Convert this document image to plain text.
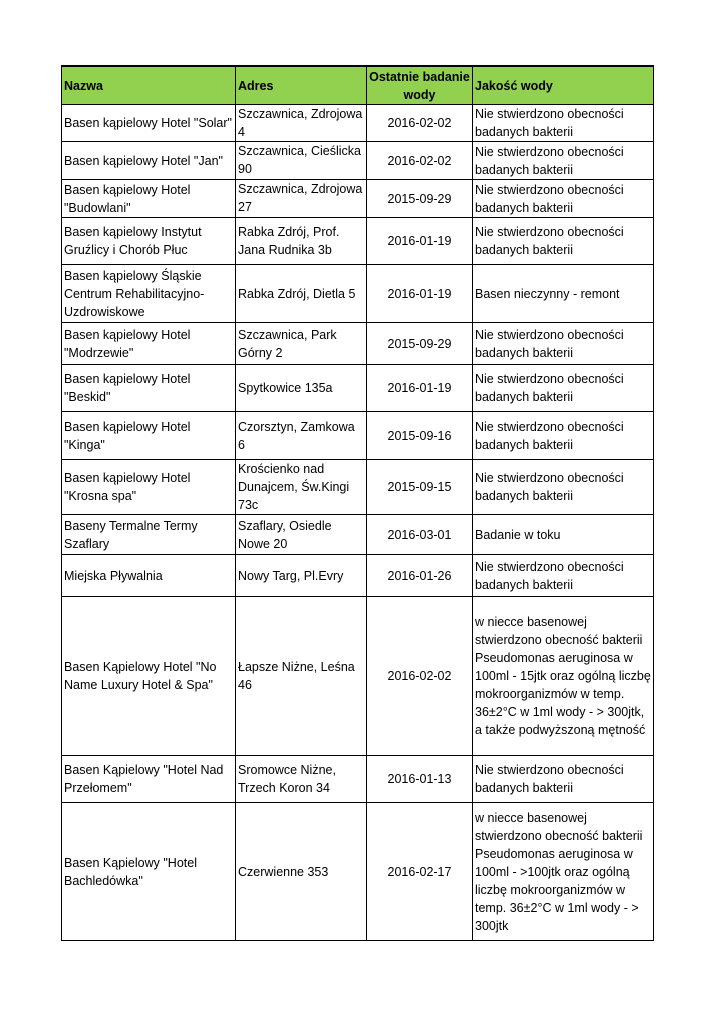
Nazwa	Adres	Ostatnie badanie wody	Jakość wody
Basen kąpielowy Hotel "Solar"	Szczawnica, Zdrojowa 4	2016-02-02	Nie stwierdzono obecności badanych bakterii
Basen kąpielowy Hotel "Jan"	Szczawnica, Cieślicka 90	2016-02-02	Nie stwierdzono obecności badanych bakterii
Basen kąpielowy Hotel "Budowlani"	Szczawnica, Zdrojowa 27	2015-09-29	Nie stwierdzono obecności badanych bakterii
Basen kąpielowy Instytut Gruźlicy i Chorób Płuc	Rabka Zdrój, Prof. Jana Rudnika 3b	2016-01-19	Nie stwierdzono obecności badanych bakterii
Basen kąpielowy Śląskie Centrum Rehabilitacyjno-Uzdrowiskowe	Rabka Zdrój, Dietla 5	2016-01-19	Basen nieczynny - remont
Basen kąpielowy Hotel "Modrzewie"	Szczawnica, Park Górny 2	2015-09-29	Nie stwierdzono obecności badanych bakterii
Basen kąpielowy Hotel "Beskid"	Spytkowice 135a	2016-01-19	Nie stwierdzono obecności badanych bakterii
Basen kąpielowy Hotel "Kinga"	Czorsztyn, Zamkowa 6	2015-09-16	Nie stwierdzono obecności badanych bakterii
Basen kąpielowy Hotel "Krosna spa"	Krościenko nad Dunajcem, Św.Kingi 73c	2015-09-15	Nie stwierdzono obecności badanych bakterii
Baseny Termalne Termy Szaflary	Szaflary, Osiedle Nowe 20	2016-03-01	Badanie w toku
Miejska Pływalnia	Nowy Targ, Pl.Evry	2016-01-26	Nie stwierdzono obecności badanych bakterii
Basen Kąpielowy Hotel "No Name Luxury Hotel & Spa"	Łapsze Niżne, Leśna 46	2016-02-02	w niecce basenowej stwierdzono obecność bakterii Pseudomonas aeruginosa w 100ml - 15jtk oraz ogólną liczbę mokroorganizmów w temp. 36±2°C w 1ml wody - > 300jtk, a także podwyższoną mętność
Basen Kąpielowy "Hotel Nad Przełomem"	Sromowce Niżne, Trzech Koron 34	2016-01-13	Nie stwierdzono obecności badanych bakterii
Basen Kąpielowy "Hotel Bachledówka"	Czerwienne 353	2016-02-17	w niecce basenowej stwierdzono obecność bakterii Pseudomonas aeruginosa w 100ml - >100jtk oraz ogólną liczbę mokroorganizmów w temp. 36±2°C w 1ml wody - > 300jtk
